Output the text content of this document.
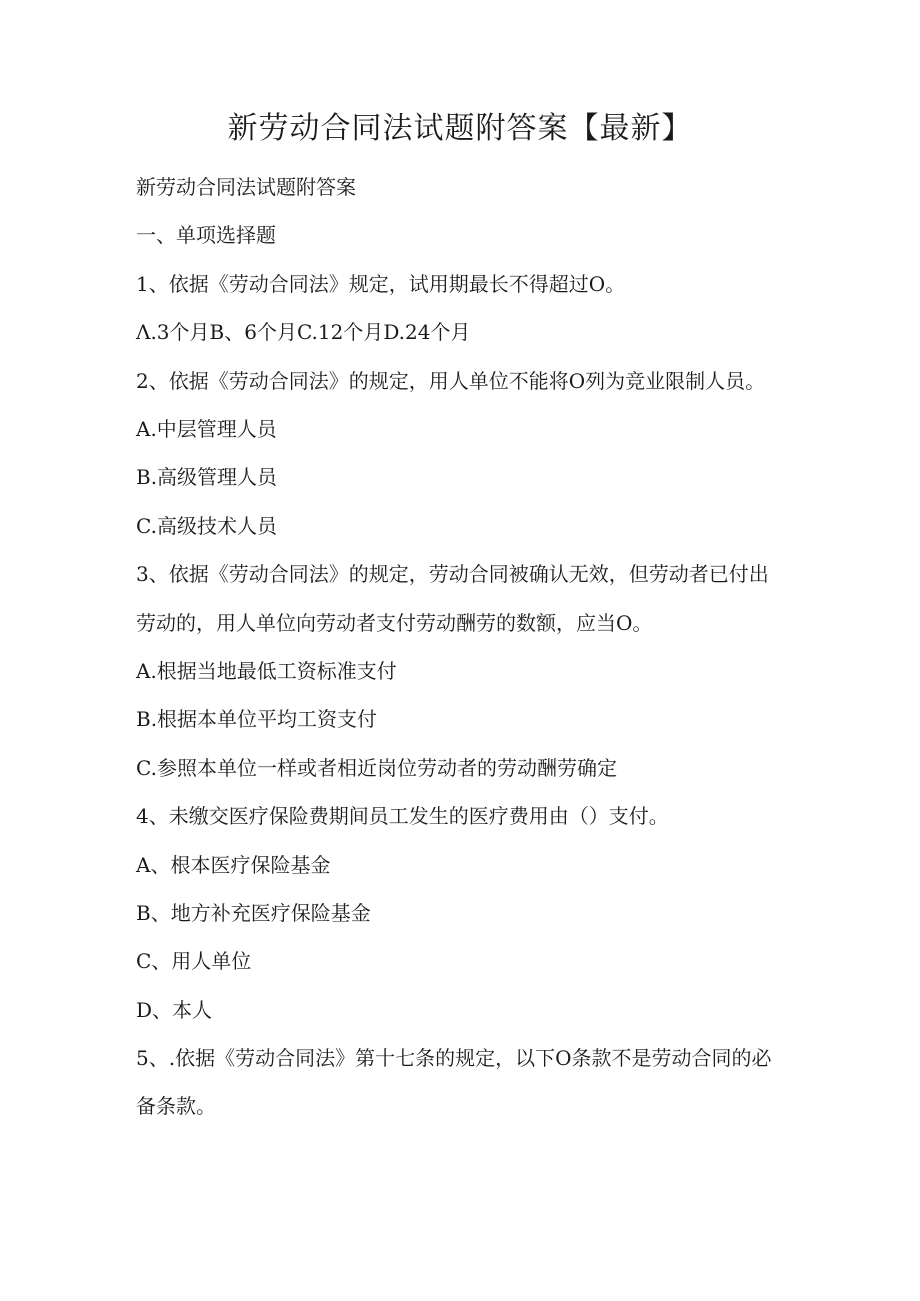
新劳动合同法试题附答案【最新】
新劳动合同法试题附答案
一、单项选择题
1、依据《劳动合同法》规定，试用期最长不得超过O。
Λ.3个月B、6个月C.12个月D.24个月
2、依据《劳动合同法》的规定，用人单位不能将O列为竞业限制人员。
A.中层管理人员
B.高级管理人员
C.高级技术人员
3、依据《劳动合同法》的规定，劳动合同被确认无效，但劳动者已付出劳动的，用人单位向劳动者支付劳动酬劳的数额，应当O。
A.根据当地最低工资标准支付
B.根据本单位平均工资支付
C.参照本单位一样或者相近岗位劳动者的劳动酬劳确定
4、未缴交医疗保险费期间员工发生的医疗费用由（）支付。
A、根本医疗保险基金
B、地方补充医疗保险基金
C、用人单位
D、本人
5、.依据《劳动合同法》第十七条的规定，以下O条款不是劳动合同的必备条款。
